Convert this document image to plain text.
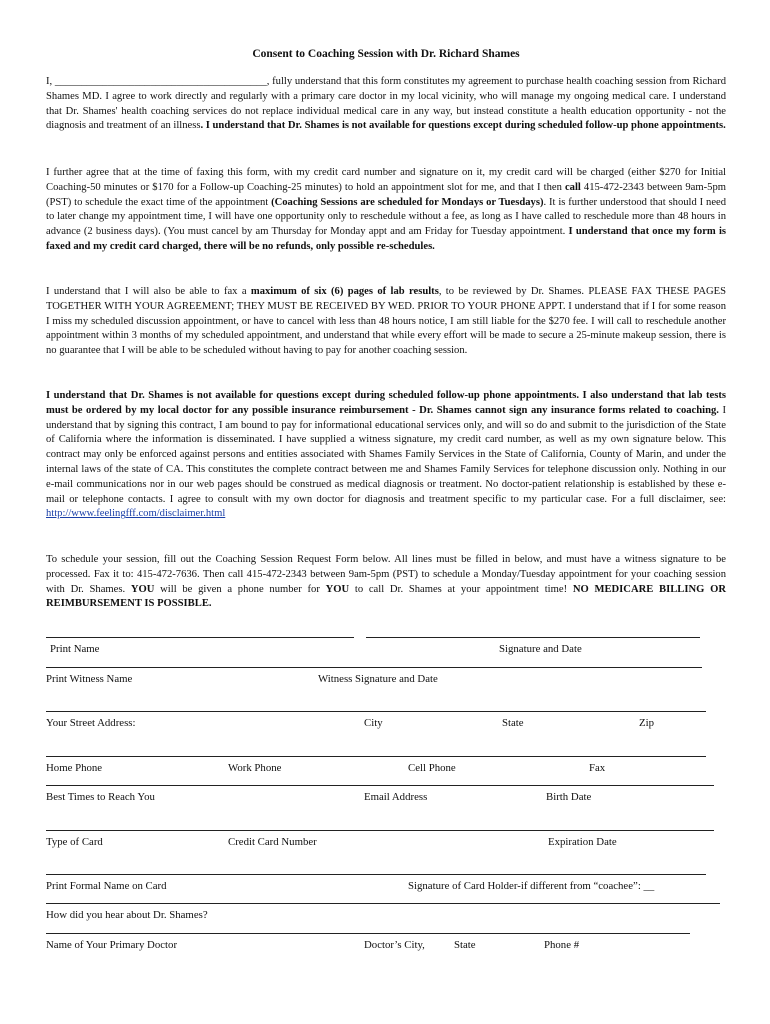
Consent to Coaching Session with Dr. Richard Shames

I, ________________________________________, fully understand that this form constitutes my agreement to purchase health coaching session from Richard Shames MD. I agree to work directly and regularly with a primary care doctor in my local vicinity, who will manage my ongoing medical care. I understand that Dr. Shames' health coaching services do not replace individual medical care in any way, but instead constitute a health education opportunity - not the diagnosis and treatment of an illness. I understand that Dr. Shames is not available for questions except during scheduled follow-up phone appointments.

I further agree that at the time of faxing this form, with my credit card number and signature on it, my credit card will be charged (either $270 for Initial Coaching-50 minutes or $170 for a Follow-up Coaching-25 minutes) to hold an appointment slot for me, and that I then call 415-472-2343 between 9am-5pm (PST) to schedule the exact time of the appointment (Coaching Sessions are scheduled for Mondays or Tuesdays). It is further understood that should I need to later change my appointment time, I will have one opportunity only to reschedule without a fee, as long as I have called to reschedule more than 48 hours in advance (2 business days). (You must cancel by am Thursday for Monday appt and am Friday for Tuesday appointment. I understand that once my form is faxed and my credit card charged, there will be no refunds, only possible re-schedules.

I understand that I will also be able to fax a maximum of six (6) pages of lab results, to be reviewed by Dr. Shames. PLEASE FAX THESE PAGES TOGETHER WITH YOUR AGREEMENT; THEY MUST BE RECEIVED BY WED. PRIOR TO YOUR PHONE APPT. I understand that if I for some reason I miss my scheduled discussion appointment, or have to cancel with less than 48 hours notice, I am still liable for the $270 fee. I will call to reschedule another appointment within 3 months of my scheduled appointment, and understand that while every effort will be made to secure a 25-minute makeup session, there is no guarantee that I will be able to be scheduled without having to pay for another coaching session.

I understand that Dr. Shames is not available for questions except during scheduled follow-up phone appointments. I also understand that lab tests must be ordered by my local doctor for any possible insurance reimbursement - Dr. Shames cannot sign any insurance forms related to coaching. I understand that by signing this contract, I am bound to pay for informational educational services only, and will so do and submit to the jurisdiction of the State of California where the information is disseminated. I have supplied a witness signature, my credit card number, as well as my own signature below. This contract may only be enforced against persons and entities associated with Shames Family Services in the State of California, County of Marin, and under the internal laws of the state of CA. This constitutes the complete contract between me and Shames Family Services for telephone discussion only. Nothing in our e-mail communications nor in our web pages should be construed as medical diagnosis or treatment. No doctor-patient relationship is established by these e-mail or telephone contacts. I agree to consult with my own doctor for diagnosis and treatment specific to my particular case. For a full disclaimer, see: http://www.feelingfff.com/disclaimer.html

To schedule your session, fill out the Coaching Session Request Form below. All lines must be filled in below, and must have a witness signature to be processed. Fax it to: 415-472-7636. Then call 415-472-2343 between 9am-5pm (PST) to schedule a Monday/Tuesday appointment for your coaching session with Dr. Shames. YOU will be given a phone number for YOU to call Dr. Shames at your appointment time! NO MEDICARE BILLING OR REIMBURSEMENT IS POSSIBLE.

Print Name	Signature and Date
Print Witness Name	Witness Signature and Date
Your Street Address:	City	State	Zip
Home Phone	Work Phone	Cell Phone	Fax
Best Times to Reach You	Email Address	Birth Date
Type of Card	Credit Card Number	Expiration Date
Print Formal Name on Card	Signature of Card Holder-if different from “coachee”: __
How did you hear about Dr. Shames?
Name of Your Primary Doctor	Doctor’s City,	State	Phone #
